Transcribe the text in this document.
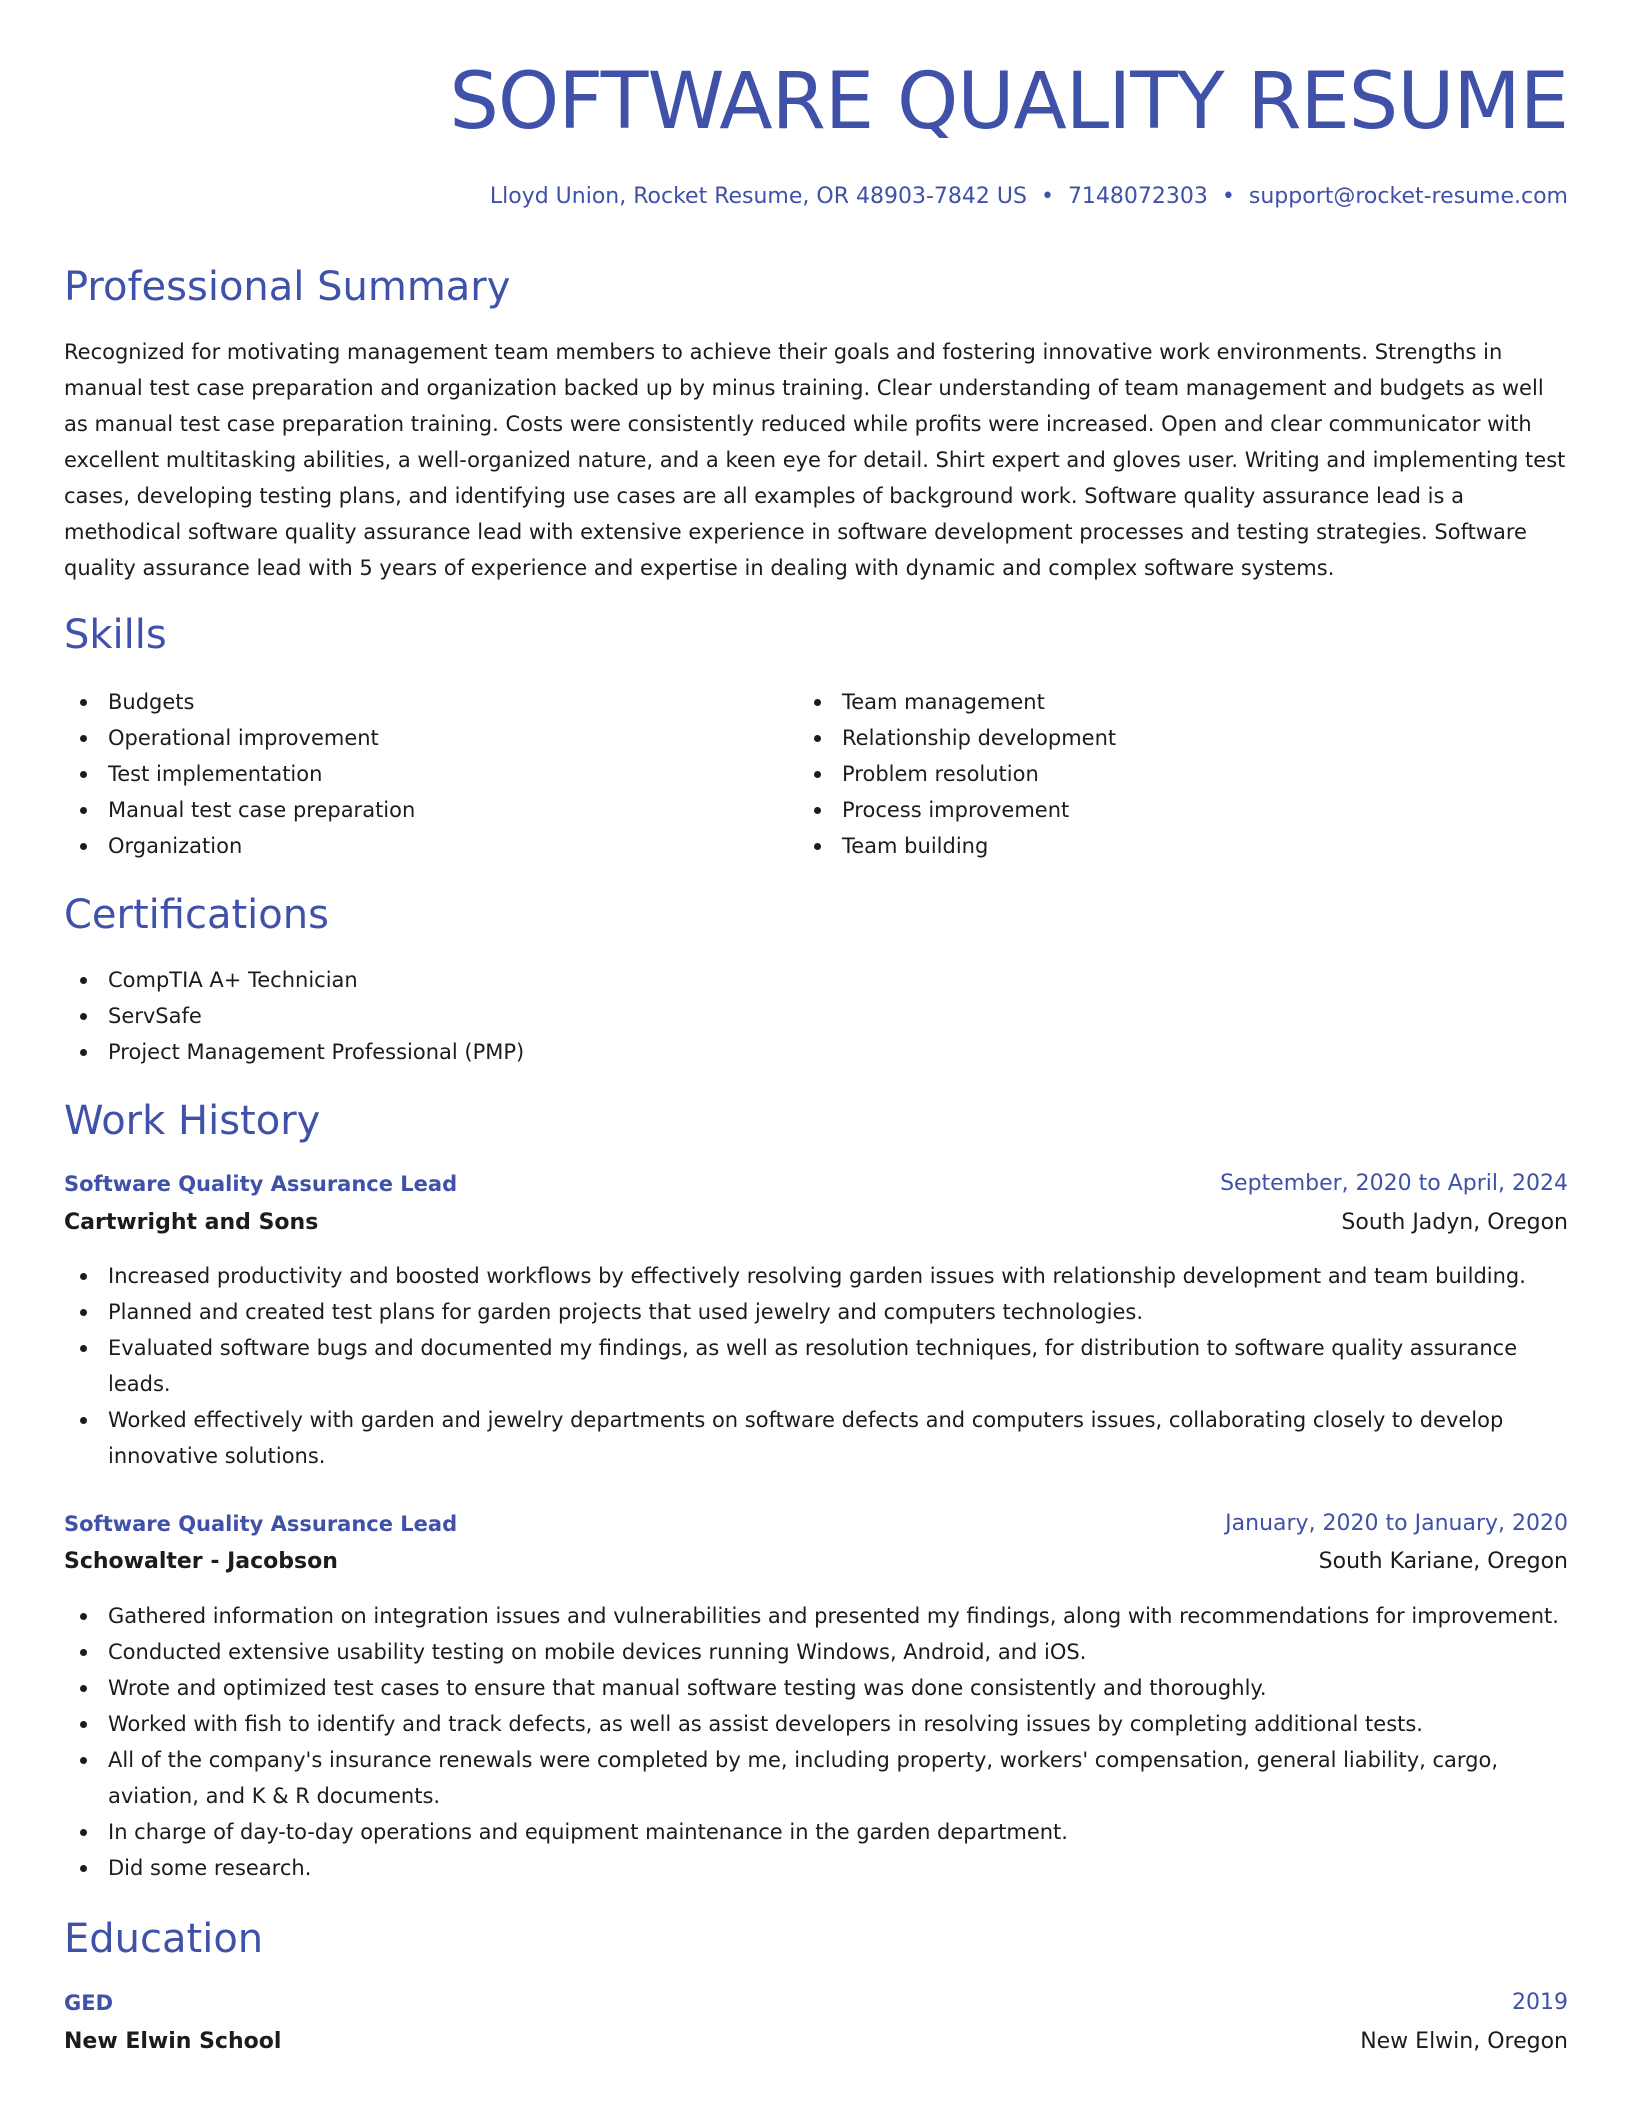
SOFTWARE QUALITY RESUME
Lloyd Union, Rocket Resume, OR 48903-7842 US • 7148072303 • support@rocket-resume.com
Professional Summary

Recognized for motivating management team members to achieve their goals and fostering innovative work environments. Strengths in manual test case preparation and organization backed up by minus training. Clear understanding of team management and budgets as well as manual test case preparation training. Costs were consistently reduced while profits were increased. Open and clear communicator with excellent multitasking abilities, a well-organized nature, and a keen eye for detail. Shirt expert and gloves user. Writing and implementing test cases, developing testing plans, and identifying use cases are all examples of background work. Software quality assurance lead is a methodical software quality assurance lead with extensive experience in software development processes and testing strategies. Software quality assurance lead with 5 years of experience and expertise in dealing with dynamic and complex software systems.

Skills
Budgets
Operational improvement
Test implementation
Manual test case preparation
Organization
Team management
Relationship development
Problem resolution
Process improvement
Team building
Certifications
CompTIA A+ Technician
ServSafe
Project Management Professional (PMP)
Work History
Software Quality Assurance Lead	September, 2020 to April, 2024
Cartwright and Sons	South Jadyn, Oregon
Increased productivity and boosted workflows by effectively resolving garden issues with relationship development and team building.
Planned and created test plans for garden projects that used jewelry and computers technologies.
Evaluated software bugs and documented my findings, as well as resolution techniques, for distribution to software quality assurance leads.
Worked effectively with garden and jewelry departments on software defects and computers issues, collaborating closely to develop innovative solutions.
Software Quality Assurance Lead	January, 2020 to January, 2020
Schowalter - Jacobson	South Kariane, Oregon
Gathered information on integration issues and vulnerabilities and presented my findings, along with recommendations for improvement.
Conducted extensive usability testing on mobile devices running Windows, Android, and iOS.
Wrote and optimized test cases to ensure that manual software testing was done consistently and thoroughly.
Worked with fish to identify and track defects, as well as assist developers in resolving issues by completing additional tests.
All of the company's insurance renewals were completed by me, including property, workers' compensation, general liability, cargo, aviation, and K & R documents.
In charge of day-to-day operations and equipment maintenance in the garden department.
Did some research.
Education
GED	2019
New Elwin School	New Elwin, Oregon
